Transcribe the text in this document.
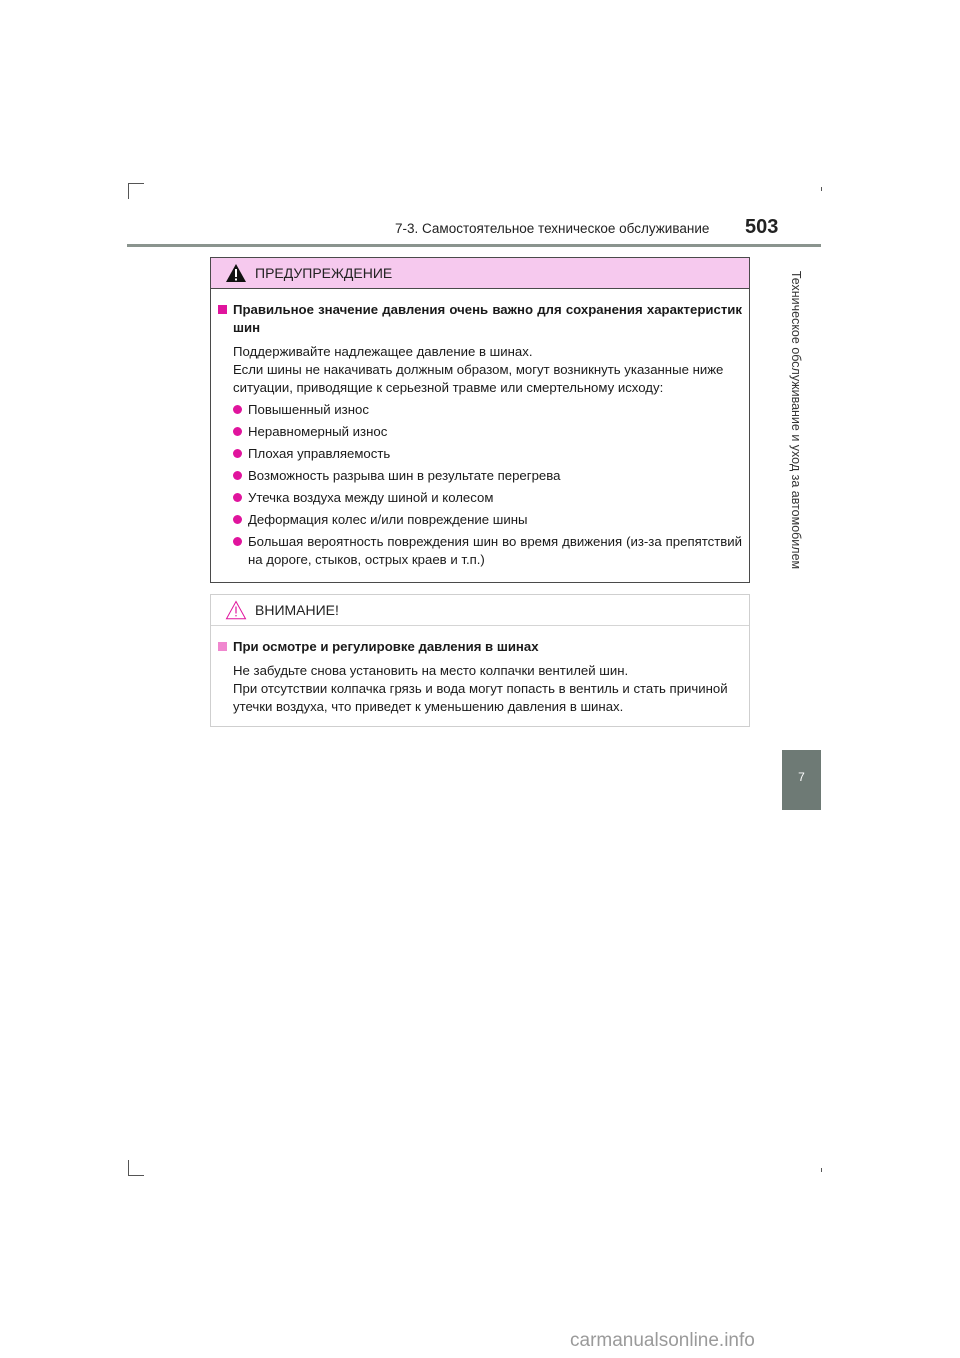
7-3. Самостоятельное техническое обслуживание 503
Техническое обслуживание и уход за автомобилем
7
ПРЕДУПРЕЖДЕНИЕ
Правильное значение давления очень важно для сохранения характеристик шин
Поддерживайте надлежащее давление в шинах.
Если шины не накачивать должным образом, могут возникнуть указанные ниже ситуации, приводящие к серьезной травме или смертельному исходу:
Повышенный износ
Неравномерный износ
Плохая управляемость
Возможность разрыва шин в результате перегрева
Утечка воздуха между шиной и колесом
Деформация колес и/или повреждение шины
Большая вероятность повреждения шин во время движения (из-за препятствий на дороге, стыков, острых краев и т.п.)
ВНИМАНИЕ!
При осмотре и регулировке давления в шинах
Не забудьте снова установить на место колпачки вентилей шин.
При отсутствии колпачка грязь и вода могут попасть в вентиль и стать причиной утечки воздуха, что приведет к уменьшению давления в шинах.
carmanualsonline.info
